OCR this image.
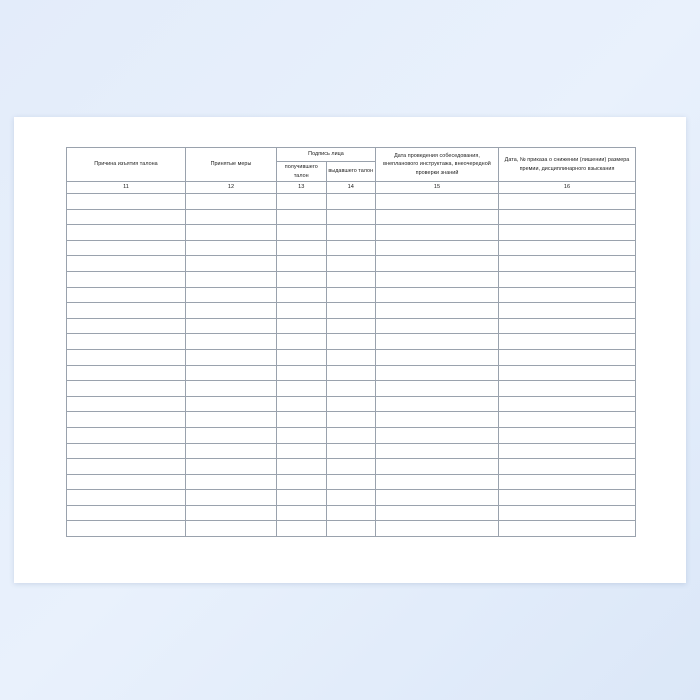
Причина изъятия талона	Принятые меры	Подпись лица		Дата проведения собеседования, внепланового инструктажа, внеочередной проверки знаний	Дата, № приказа о снижении (лишении) размера премии, дисциплинарного взыскания
		получившего талон	выдавшего талон		
11	12	13	14	15	16
